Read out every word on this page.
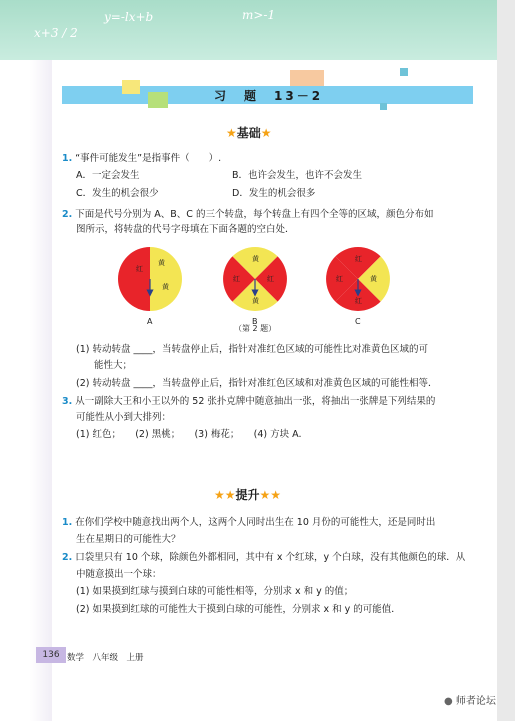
x+3 / 2
y=-lx+b	m>-1
习　题　13－2
★基础★
1. “事件可能发生”是指事件（　　）.
A．一定会发生	B．也许会发生，也许不会发生
C．发生的机会很少	D．发生的机会很多
2. 下面是代号分别为 A、B、C 的三个转盘，每个转盘上有四个全等的区域，颜色分布如
图所示，将转盘的代号字母填在下面各题的空白处．
红
黄
黄
黄
红
红
黄
红
黄
红
红
A	B	C
（第 2 题）
(1) 转动转盘 ____，当转盘停止后，指针对准红色区域的可能性比对准黄色区域的可
能性大；
(2) 转动转盘 ____，当转盘停止后，指针对准红色区域和对准黄色区域的可能性相等．
3. 从一副除大王和小王以外的 52 张扑克牌中随意抽出一张，将抽出一张牌是下列结果的
可能性从小到大排列：
(1) 红色；　　(2) 黑桃；　　(3) 梅花；　　(4) 方块 A.
★★提升★★
1. 在你们学校中随意找出两个人，这两个人同时出生在 10 月份的可能性大，还是同时出
生在星期日的可能性大？
2. 口袋里只有 10 个球，除颜色外都相同，其中有 x 个红球，y 个白球，没有其他颜色的球．从
中随意摸出一个球：
(1) 如果摸到红球与摸到白球的可能性相等，分别求 x 和 y 的值；
(2) 如果摸到红球的可能性大于摸到白球的可能性，分别求 x 和 y 的可能值．
136 数学　八年级　上册
● 师者论坛
